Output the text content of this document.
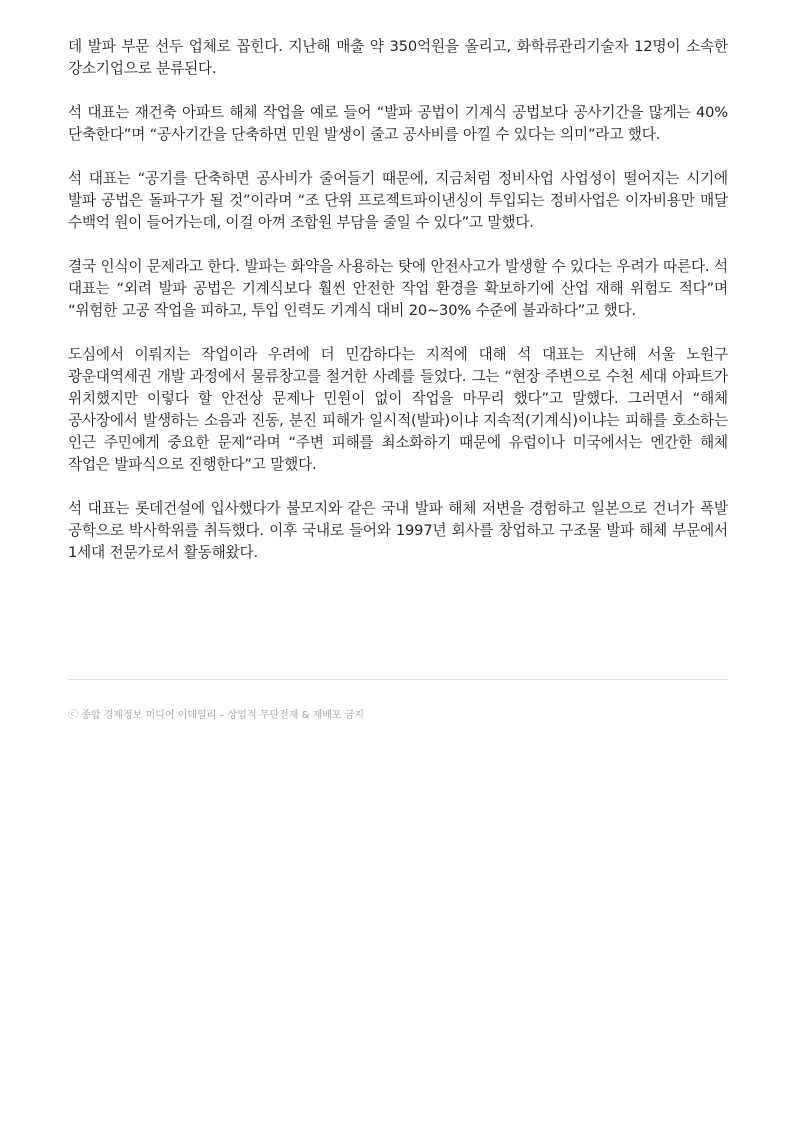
데 발파 부문 선두 업체로 꼽힌다. 지난해 매출 약 350억원을 올리고, 화학류관리기술자 12명이 소속한 강소기업으로 분류된다.

석 대표는 재건축 아파트 해체 작업을 예로 들어 “발파 공법이 기계식 공법보다 공사기간을 많게는 40% 단축한다”며 “공사기간을 단축하면 민원 발생이 줄고 공사비를 아낄 수 있다는 의미”라고 했다.

석 대표는 “공기를 단축하면 공사비가 줄어들기 때문에, 지금처럼 정비사업 사업성이 떨어지는 시기에 발파 공법은 돌파구가 될 것”이라며 “조 단위 프로젝트파이낸싱이 투입되는 정비사업은 이자비용만 매달 수백억 원이 들어가는데, 이걸 아껴 조합원 부담을 줄일 수 있다”고 말했다.

결국 인식이 문제라고 한다. 발파는 화약을 사용하는 탓에 안전사고가 발생할 수 있다는 우려가 따른다. 석 대표는 “외려 발파 공법은 기계식보다 훨씬 안전한 작업 환경을 확보하기에 산업 재해 위험도 적다”며 “위험한 고공 작업을 피하고, 투입 인력도 기계식 대비 20~30% 수준에 불과하다”고 했다.

도심에서 이뤄지는 작업이라 우려에 더 민감하다는 지적에 대해 석 대표는 지난해 서울 노원구 광운대역세권 개발 과정에서 물류창고를 철거한 사례를 들었다. 그는 “현장 주변으로 수천 세대 아파트가 위치했지만 이렇다 할 안전상 문제나 민원이 없이 작업을 마무리 했다”고 말했다. 그러면서 “해체 공사장에서 발생하는 소음과 진동, 분진 피해가 일시적(발파)이냐 지속적(기계식)이냐는 피해를 호소하는 인근 주민에게 중요한 문제”라며 “주변 피해를 최소화하기 때문에 유럽이나 미국에서는 엔간한 해체 작업은 발파식으로 진행한다”고 말했다.

석 대표는 롯데건설에 입사했다가 불모지와 같은 국내 발파 해체 저변을 경험하고 일본으로 건너가 폭발 공학으로 박사학위를 취득했다. 이후 국내로 들어와 1997년 회사를 창업하고 구조물 발파 해체 부문에서 1세대 전문가로서 활동해왔다.

ⓒ 종합 경제정보 미디어 이데일리 – 상업적 무단전재 & 재배포 금지
